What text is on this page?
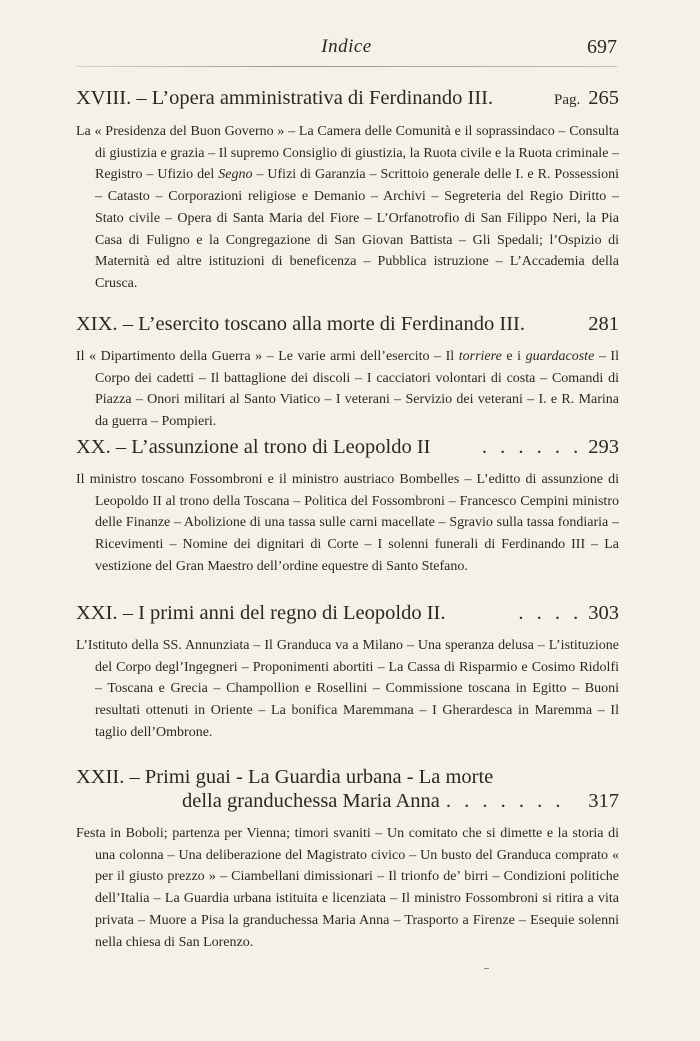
Indice	697
XVIII. – L’opera amministrativa di Ferdinando III.	Pag. 265
La « Presidenza del Buon Governo » – La Camera delle Comunità e il soprassindaco – Consulta di giustizia e grazia – Il supremo Consiglio di giustizia, la Ruota civile e la Ruota criminale – Registro – Ufizio del Segno – Ufizi di Garanzia – Scrittoio generale delle I. e R. Possessioni – Catasto – Corporazioni religiose e Demanio – Archivi – Segreteria del Regio Diritto – Stato civile – Opera di Santa Maria del Fiore – L’Orfanotrofio di San Filippo Neri, la Pia Casa di Fuligno e la Congregazione di San Giovan Battista – Gli Spedali; l’Ospizio di Maternità ed altre istituzioni di beneficenza – Pubblica istruzione – L’Accademia della Crusca.
XIX. – L’esercito toscano alla morte di Ferdinando III.	281
Il « Dipartimento della Guerra » – Le varie armi dell’esercito – Il torriere e i guardacoste – Il Corpo dei cadetti – Il battaglione dei discoli – I cacciatori volontari di costa – Comandi di Piazza – Onori militari al Santo Viatico – I veterani – Servizio dei veterani – I. e R. Marina da guerra – Pompieri.
XX. – L’assunzione al trono di Leopoldo II	. . . . . . 293
Il ministro toscano Fossombroni e il ministro austriaco Bombelles – L’editto di assunzione di Leopoldo II al trono della Toscana – Politica del Fossombroni – Francesco Cempini ministro delle Finanze – Abolizione di una tassa sulle carni macellate – Sgravio sulla tassa fondiaria – Ricevimenti – Nomine dei dignitari di Corte – I solenni funerali di Ferdinando III – La vestizione del Gran Maestro dell’ordine equestre di Santo Stefano.
XXI. – I primi anni del regno di Leopoldo II.	. . . . 303
L’Istituto della SS. Annunziata – Il Granduca va a Milano – Una speranza delusa – L’istituzione del Corpo degl’Ingegneri – Proponimenti abortiti – La Cassa di Risparmio e Cosimo Ridolfi – Toscana e Grecia – Champollion e Rosellini – Commissione toscana in Egitto – Buoni resultati ottenuti in Oriente – La bonifica Maremmana – I Gherardesca in Maremma – Il taglio dell’Ombrone.
XXII. – Primi guai - La Guardia urbana - La morte
della granduchessa Maria Anna . . . . . . .	317
Festa in Boboli; partenza per Vienna; timori svaniti – Un comitato che si dimette e la storia di una colonna – Una deliberazione del Magistrato civico – Un busto del Granduca comprato « per il giusto prezzo » – Ciambellani dimissionari – Il trionfo de’ birri – Condizioni politiche dell’Italia – La Guardia urbana istituita e licenziata – Il ministro Fossombroni si ritira a vita privata – Muore a Pisa la granduchessa Maria Anna – Trasporto a Firenze – Esequie solenni nella chiesa di San Lorenzo.
